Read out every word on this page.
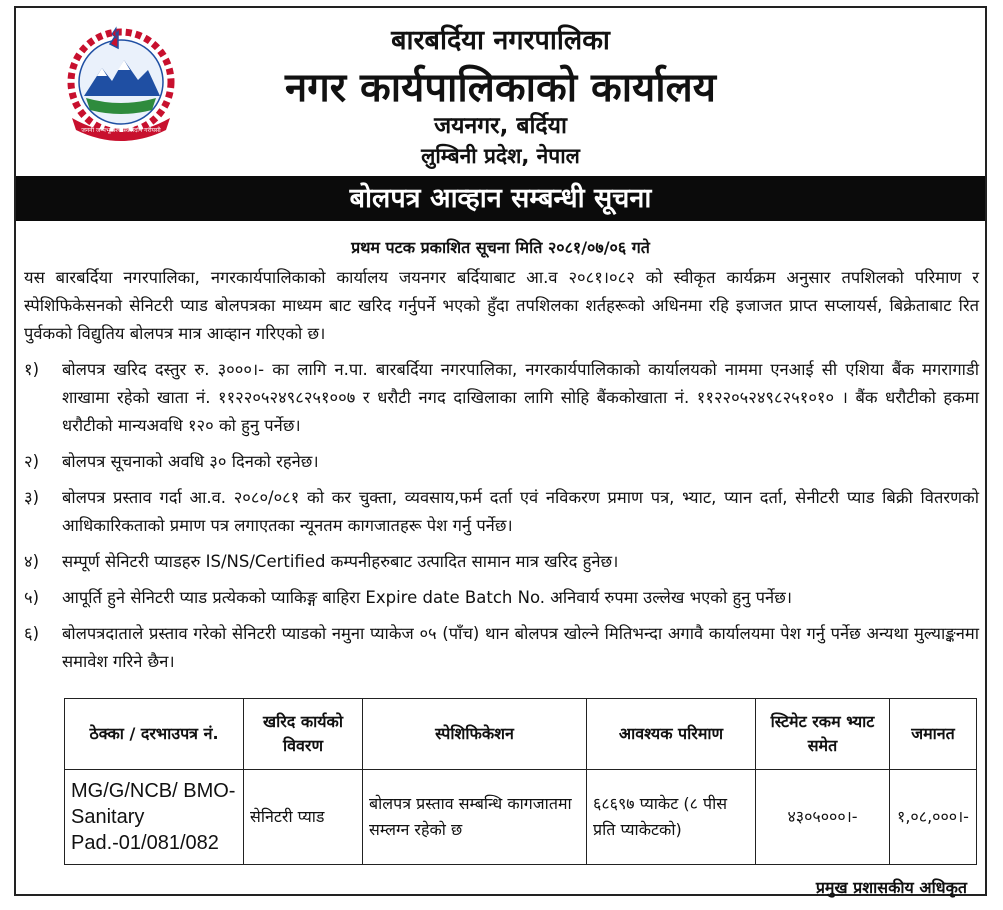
जननी जन्मभूमिश्च स्वर्गादपि गरीयसी
बारबर्दिया नगरपालिका
नगर कार्यपालिकाको कार्यालय
जयनगर, बर्दिया
लुम्बिनी प्रदेश, नेपाल
बोलपत्र आव्हान सम्बन्धी सूचना
प्रथम पटक प्रकाशित सूचना मिति २०८१/०७/०६ गते
यस बारबर्दिया नगरपालिका, नगरकार्यपालिकाको कार्यालय जयनगर बर्दियाबाट आ.व २०८१।०८२ को स्वीकृत कार्यक्रम अनुसार तपशिलको परिमाण र स्पेशिफिकेसनको सेनिटरी प्याड बोलपत्रका माध्यम बाट खरिद गर्नुपर्ने भएको हुँदा तपशिलका शर्तहरूको अधिनमा रहि इजाजत प्राप्त सप्लायर्स, बिक्रेताबाट रित पुर्वकको विद्युतिय बोलपत्र मात्र आव्हान गरिएको छ।
१)	बोलपत्र खरिद दस्तुर रु. ३०००।- का लागि न.पा. बारबर्दिया नगरपालिका, नगरकार्यपालिकाको कार्यालयको नाममा एनआई सी एशिया बैंक मगरागाडी शाखामा रहेको खाता नं. ११२२०५२४९८२५१००७ र धरौटी नगद दाखिलाका लागि सोहि बैंककोखाता नं. ११२२०५२४९८२५१०१० । बैंक धरौटीको हकमा धरौटीको मान्यअवधि १२० को हुनु पर्नेछ।
२)	बोलपत्र सूचनाको अवधि ३० दिनको रहनेछ।
३)	बोलपत्र प्रस्ताव गर्दा आ.व. २०८०/०८१ को कर चुक्ता, व्यवसाय,फर्म दर्ता एवं नविकरण प्रमाण पत्र, भ्याट, प्यान दर्ता, सेनीटरी प्याड बिक्री वितरणको आधिकारिकताको प्रमाण पत्र लगाएतका न्यूनतम कागजातहरू पेश गर्नु पर्नेछ।
४)	सम्पूर्ण सेनिटरी प्याडहरु IS/NS/Certified कम्पनीहरुबाट उत्पादित सामान मात्र खरिद हुनेछ।
५)	आपूर्ति हुने सेनिटरी प्याड प्रत्येकको प्याकिङ्ग बाहिरा Expire date Batch No. अनिवार्य रुपमा उल्लेख भएको हुनु पर्नेछ।
६)	बोलपत्रदाताले प्रस्ताव गरेको सेनिटरी प्याडको नमुना प्याकेज ०५ (पाँच) थान बोलपत्र खोल्ने मितिभन्दा अगावै कार्यालयमा पेश गर्नु पर्नेछ अन्यथा मुल्याङ्कनमा समावेश गरिने छैन।
ठेक्का / दरभाउपत्र नं.	खरिद कार्यको विवरण	स्पेशिफिकेशन	आवश्यक परिमाण	स्टिमेट रकम भ्याट समेत	जमानत
MG/G/NCB/ BMO-Sanitary Pad.-01/081/082	सेनिटरी प्याड	बोलपत्र प्रस्ताव सम्बन्धि कागजातमा सम्लग्न रहेको छ	६८६९७ प्याकेट (८ पीस प्रति प्याकेटको)	४३०५०००।-	१,०८,०००।-
प्रमुख प्रशासकीय अधिकृत
